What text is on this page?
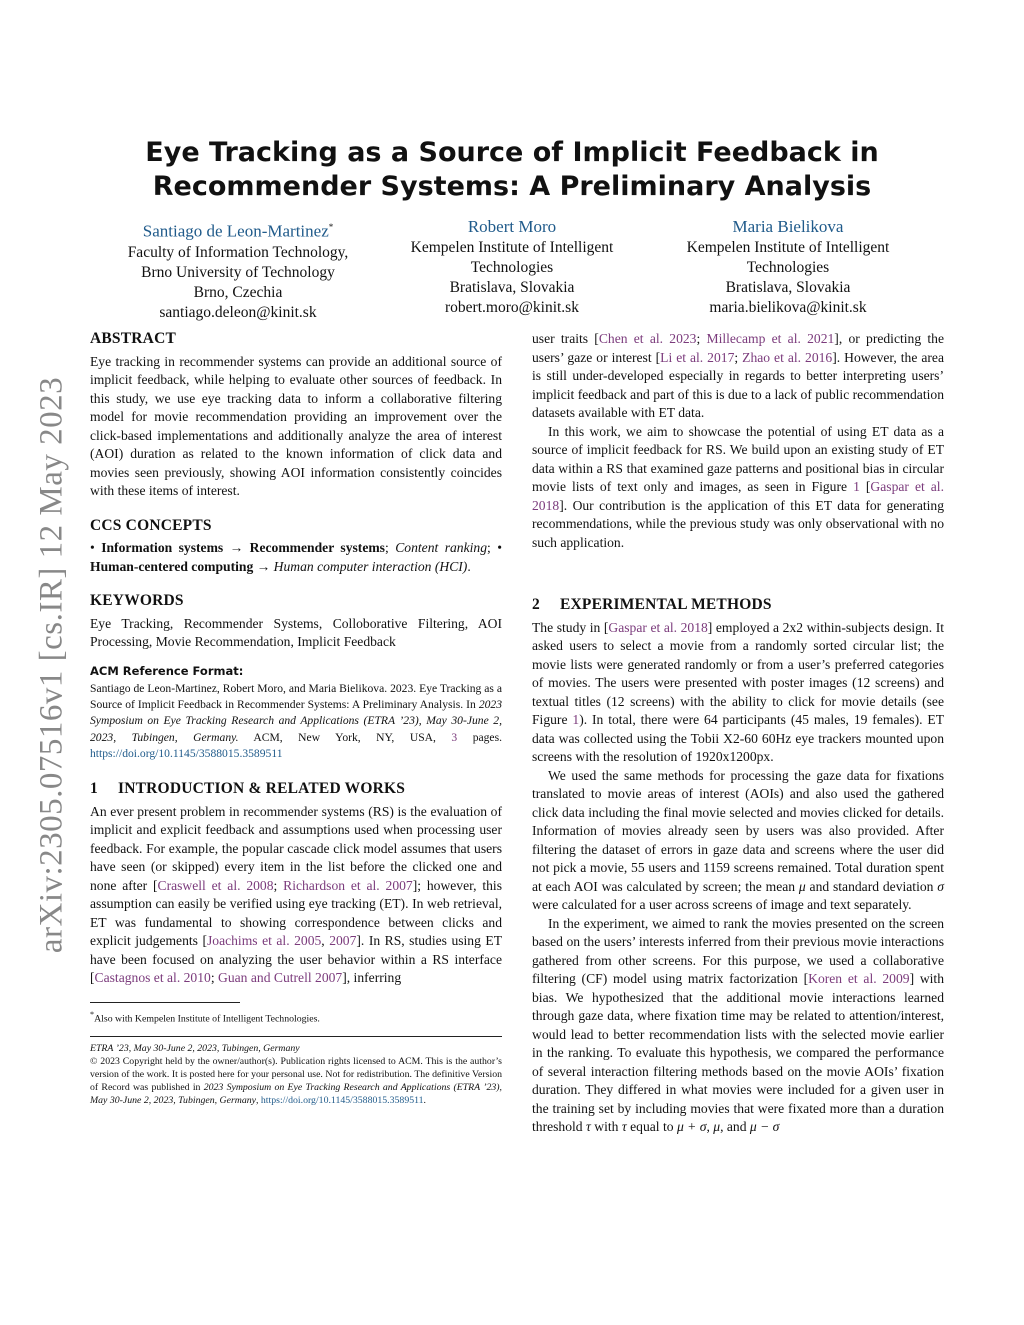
arXiv:2305.07516v1 [cs.IR] 12 May 2023
Eye Tracking as a Source of Implicit Feedback in Recommender Systems: A Preliminary Analysis
Santiago de Leon-Martinez*
Faculty of Information Technology,
Brno University of Technology
Brno, Czechia
santiago.deleon@kinit.sk
Robert Moro
Kempelen Institute of Intelligent
Technologies
Bratislava, Slovakia
robert.moro@kinit.sk
Maria Bielikova
Kempelen Institute of Intelligent
Technologies
Bratislava, Slovakia
maria.bielikova@kinit.sk
ABSTRACT

Eye tracking in recommender systems can provide an additional source of implicit feedback, while helping to evaluate other sources of feedback. In this study, we use eye tracking data to inform a collaborative filtering model for movie recommendation providing an improvement over the click-based implementations and additionally analyze the area of interest (AOI) duration as related to the known information of click data and movies seen previously, showing AOI information consistently coincides with these items of interest.

CCS CONCEPTS

• Information systems → Recommender systems; Content ranking; • Human-centered computing → Human computer interaction (HCI).

KEYWORDS

Eye Tracking, Recommender Systems, Colloborative Filtering, AOI Processing, Movie Recommendation, Implicit Feedback

ACM Reference Format:

Santiago de Leon-Martinez, Robert Moro, and Maria Bielikova. 2023. Eye Tracking as a Source of Implicit Feedback in Recommender Systems: A Preliminary Analysis. In 2023 Symposium on Eye Tracking Research and Applications (ETRA ’23), May 30-June 2, 2023, Tubingen, Germany. ACM, New York, NY, USA, 3 pages. https://doi.org/10.1145/3588015.3589511

1 INTRODUCTION & RELATED WORKS

An ever present problem in recommender systems (RS) is the evaluation of implicit and explicit feedback and assumptions used when processing user feedback. For example, the popular cascade click model assumes that users have seen (or skipped) every item in the list before the clicked one and none after [Craswell et al. 2008; Richardson et al. 2007]; however, this assumption can easily be verified using eye tracking (ET). In web retrieval, ET was fundamental to showing correspondence between clicks and explicit judgements [Joachims et al. 2005, 2007]. In RS, studies using ET have been focused on analyzing the user behavior within a RS interface [Castagnos et al. 2010; Guan and Cutrell 2007], inferring

*Also with Kempelen Institute of Intelligent Technologies.

ETRA ’23, May 30-June 2, 2023, Tubingen, Germany

© 2023 Copyright held by the owner/author(s). Publication rights licensed to ACM. This is the author’s version of the work. It is posted here for your personal use. Not for redistribution. The definitive Version of Record was published in 2023 Symposium on Eye Tracking Research and Applications (ETRA ’23), May 30-June 2, 2023, Tubingen, Germany, https://doi.org/10.1145/3588015.3589511.

user traits [Chen et al. 2023; Millecamp et al. 2021], or predicting the users’ gaze or interest [Li et al. 2017; Zhao et al. 2016]. However, the area is still under-developed especially in regards to better interpreting users’ implicit feedback and part of this is due to a lack of public recommendation datasets available with ET data.

In this work, we aim to showcase the potential of using ET data as a source of implicit feedback for RS. We build upon an existing study of ET data within a RS that examined gaze patterns and positional bias in circular movie lists of text only and images, as seen in Figure 1 [Gaspar et al. 2018]. Our contribution is the application of this ET data for generating recommendations, while the previous study was only observational with no such application.

2 EXPERIMENTAL METHODS

The study in [Gaspar et al. 2018] employed a 2x2 within-subjects design. It asked users to select a movie from a randomly sorted circular list; the movie lists were generated randomly or from a user’s preferred categories of movies. The users were presented with poster images (12 screens) and textual titles (12 screens) with the ability to click for movie details (see Figure 1). In total, there were 64 participants (45 males, 19 females). ET data was collected using the Tobii X2-60 60Hz eye trackers mounted upon screens with the resolution of 1920x1200px.

We used the same methods for processing the gaze data for fixations translated to movie areas of interest (AOIs) and also used the gathered click data including the final movie selected and movies clicked for details. Information of movies already seen by users was also provided. After filtering the dataset of errors in gaze data and screens where the user did not pick a movie, 55 users and 1159 screens remained. Total duration spent at each AOI was calculated by screen; the mean μ and standard deviation σ were calculated for a user across screens of image and text separately.

In the experiment, we aimed to rank the movies presented on the screen based on the users’ interests inferred from their previous movie interactions gathered from other screens. For this purpose, we used a collaborative filtering (CF) model using matrix factorization [Koren et al. 2009] with bias. We hypothesized that the additional movie interactions learned through gaze data, where fixation time may be related to attention/interest, would lead to better recommendation lists with the selected movie earlier in the ranking. To evaluate this hypothesis, we compared the performance of several interaction filtering methods based on the movie AOIs’ fixation duration. They differed in what movies were included for a given user in the training set by including movies that were fixated more than a duration threshold τ with τ equal to μ + σ, μ, and μ − σ
